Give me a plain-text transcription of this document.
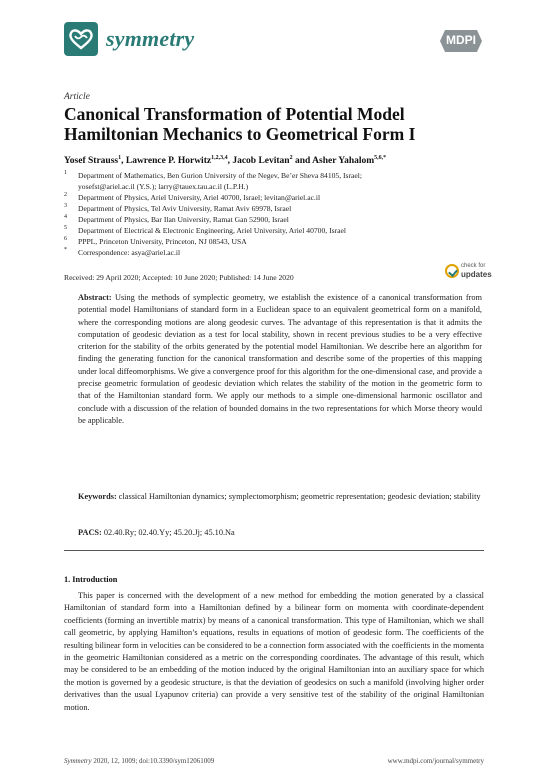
symmetry	MDPI
Article
Canonical Transformation of Potential Model Hamiltonian Mechanics to Geometrical Form I
Yosef Strauss$^1$, Lawrence P. Horwitz$^{1,2,3,4}$, Jacob Levitan$^2$ and Asher Yahalom$^{5,6,*}$
1 Department of Mathematics, Ben Gurion University of the Negev, Be’er Sheva 84105, Israel;
yosefst@ariel.ac.il (Y.S.); larry@tauex.tau.ac.il (L.P.H.)
2 Department of Physics, Ariel University, Ariel 40700, Israel; levitan@ariel.ac.il
3 Department of Physics, Tel Aviv University, Ramat Aviv 69978, Israel
4 Department of Physics, Bar Ilan University, Ramat Gan 52900, Israel
5 Department of Electrical & Electronic Engineering, Ariel University, Ariel 40700, Israel
6 PPPL, Princeton University, Princeton, NJ 08543, USA
* Correspondence: asya@ariel.ac.il
Received: 29 April 2020; Accepted: 10 June 2020; Published: 14 June 2020
check for
updates
Abstract: Using the methods of symplectic geometry, we establish the existence of a canonical transformation from potential model Hamiltonians of standard form in a Euclidean space to an equivalent geometrical form on a manifold, where the corresponding motions are along geodesic curves. The advantage of this representation is that it admits the computation of geodesic deviation as a test for local stability, shown in recent previous studies to be a very effective criterion for the stability of the orbits generated by the potential model Hamiltonian. We describe here an algorithm for finding the generating function for the canonical transformation and describe some of the properties of this mapping under local diffeomorphisms. We give a convergence proof for this algorithm for the one-dimensional case, and provide a precise geometric formulation of geodesic deviation which relates the stability of the motion in the geometric form to that of the Hamiltonian standard form. We apply our methods to a simple one-dimensional harmonic oscillator and conclude with a discussion of the relation of bounded domains in the two representations for which Morse theory would be applicable.
Keywords: classical Hamiltonian dynamics; symplectomorphism; geometric representation; geodesic deviation; stability
PACS: 02.40.Ry; 02.40.Yy; 45.20.Jj; 45.10.Na
1. Introduction
This paper is concerned with the development of a new method for embedding the motion generated by a classical Hamiltonian of standard form into a Hamiltonian defined by a bilinear form on momenta with coordinate-dependent coefficients (forming an invertible matrix) by means of a canonical transformation. This type of Hamiltonian, which we shall call geometric, by applying Hamilton’s equations, results in equations of motion of geodesic form. The coefficients of the resulting bilinear form in velocities can be considered to be a connection form associated with the coefficients in the momenta in the geometric Hamiltonian considered as a metric on the corresponding coordinates. The advantage of this result, which may be considered to be an embedding of the motion induced by the original Hamiltonian into an auxiliary space for which the motion is governed by a geodesic structure, is that the deviation of geodesics on such a manifold (involving higher order derivatives than the usual Lyapunov criteria) can provide a very sensitive test of the stability of the original Hamiltonian motion.
Symmetry 2020, 12, 1009; doi:10.3390/sym12061009	www.mdpi.com/journal/symmetry
